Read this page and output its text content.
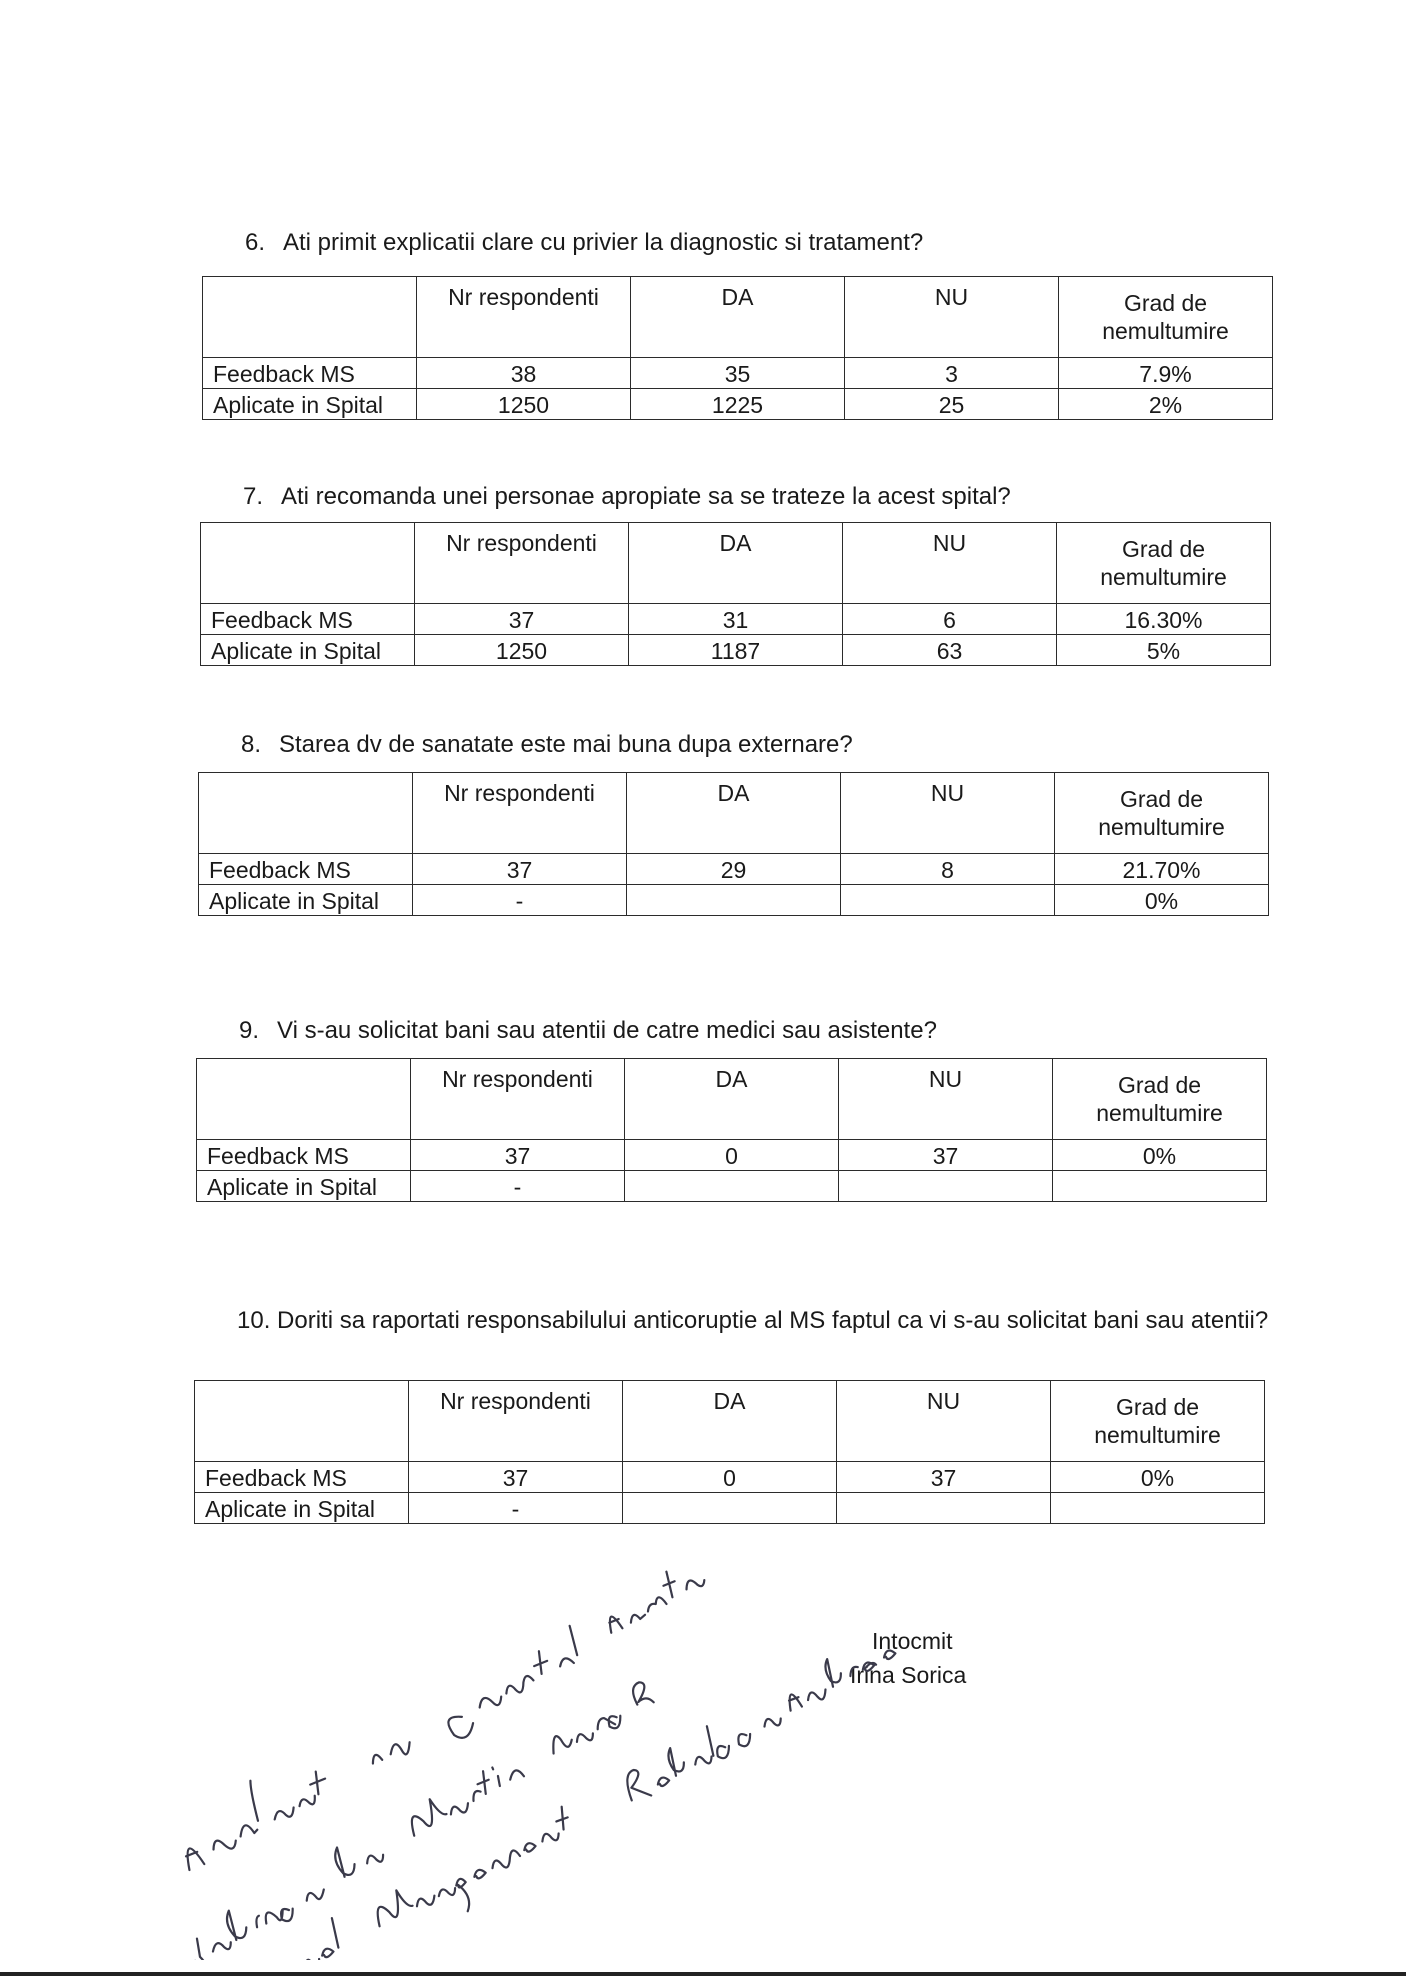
6. Ati primit explicatii clare cu privier la diagnostic si tratament?
	Nr respondenti	DA	NU	Grad de
nemultumire
Feedback MS	38	35	3	7.9%
Aplicate in Spital	1250	1225	25	2%
7. Ati recomanda unei personae apropiate sa se trateze la acest spital?
	Nr respondenti	DA	NU	Grad de
nemultumire
Feedback MS	37	31	6	16.30%
Aplicate in Spital	1250	1187	63	5%
8. Starea dv de sanatate este mai buna dupa externare?
	Nr respondenti	DA	NU	Grad de
nemultumire
Feedback MS	37	29	8	21.70%
Aplicate in Spital	-			0%
9. Vi s-au solicitat bani sau atentii de catre medici sau asistente?
	Nr respondenti	DA	NU	Grad de
nemultumire
Feedback MS	37	0	37	0%
Aplicate in Spital	-			
10. Doriti sa raportati responsabilului anticoruptie al MS faptul ca vi s-au solicitat bani sau atentii?
	Nr respondenti	DA	NU	Grad de
nemultumire
Feedback MS	37	0	37	0%
Aplicate in Spital	-			
Intocmit
Irina Sorica
